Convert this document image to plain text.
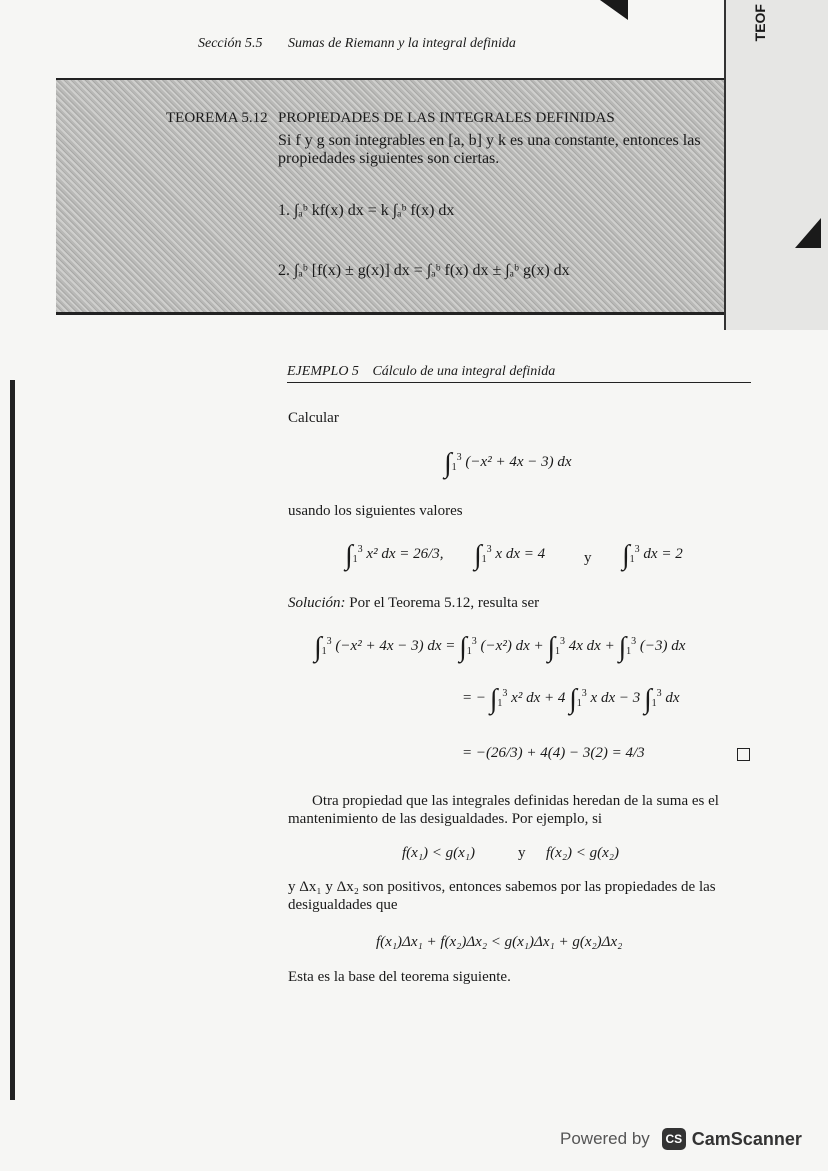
TEOF
Sección 5.5 Sumas de Riemann y la integral definida
TEOREMA 5.12 PROPIEDADES DE LAS INTEGRALES DEFINIDAS
Si f y g son integrables en [a, b] y k es una constante, entonces las propiedades siguientes son ciertas.
1. ∫ₐᵇ kf(x) dx = k ∫ₐᵇ f(x) dx
2. ∫ₐᵇ [f(x) ± g(x)] dx = ∫ₐᵇ f(x) dx ± ∫ₐᵇ g(x) dx
EJEMPLO 5 Cálculo de una integral definida
Calcular
$\int_1^3$ (−x² + 4x − 3) dx
usando los siguientes valores
$\int_1^3$ x² dx = 26/3, $\int_1^3$ x dx = 4	y $\int_1^3$ dx = 2
Solución: Por el Teorema 5.12, resulta ser
$\int_1^3$ (−x² + 4x − 3) dx = $\int_1^3$ (−x²) dx + $\int_1^3$ 4x dx + $\int_1^3$ (−3) dx
= − $\int_1^3$ x² dx + 4 $\int_1^3$ x dx − 3 $\int_1^3$ dx
= −(26/3) + 4(4) − 3(2) = 4/3
Otra propiedad que las integrales definidas heredan de la suma es el mantenimiento de las desigualdades. Por ejemplo, si
f(x₁) < g(x₁)	y f(x₂) < g(x₂)
y Δx₁ y Δx₂ son positivos, entonces sabemos por las propiedades de las desigualdades que
f(x₁)Δx₁ + f(x₂)Δx₂ < g(x₁)Δx₁ + g(x₂)Δx₂
Esta es la base del teorema siguiente.
Powered by	CS CamScanner
